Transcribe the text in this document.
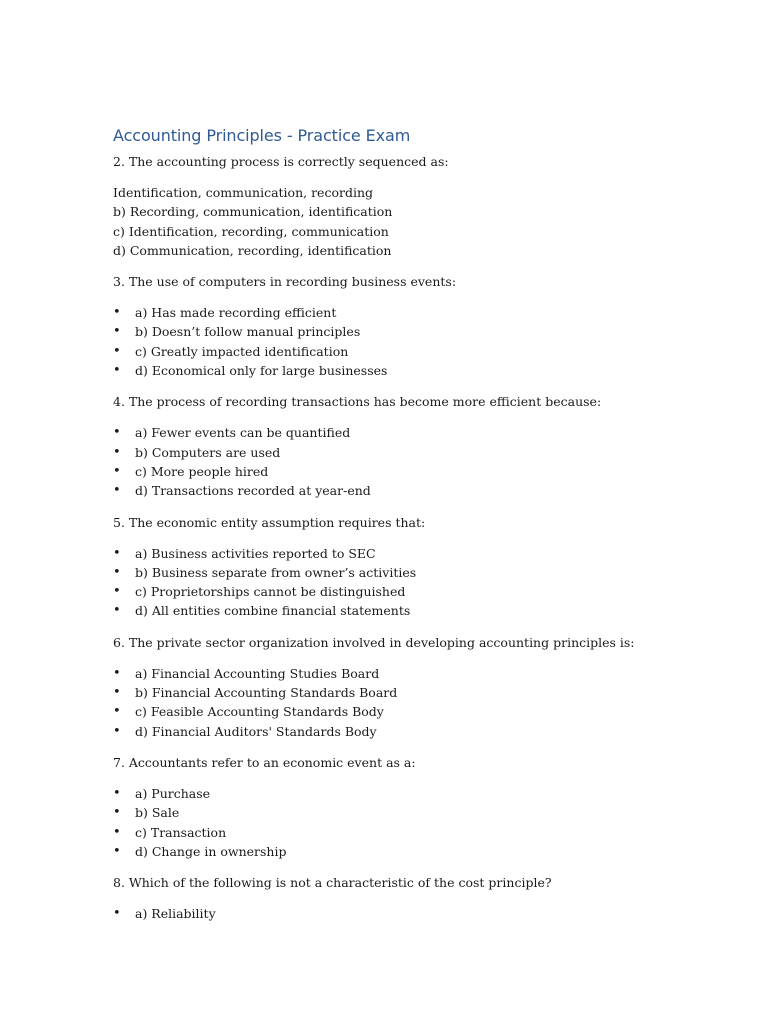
Accounting Principles - Practice Exam

2. The accounting process is correctly sequenced as:

Identification, communication, recording
b) Recording, communication, identification
c) Identification, recording, communication
d) Communication, recording, identification

3. The use of computers in recording business events:

• a) Has made recording efficient
• b) Doesn’t follow manual principles
• c) Greatly impacted identification
• d) Economical only for large businesses

4. The process of recording transactions has become more efficient because:

• a) Fewer events can be quantified
• b) Computers are used
• c) More people hired
• d) Transactions recorded at year-end

5. The economic entity assumption requires that:

• a) Business activities reported to SEC
• b) Business separate from owner’s activities
• c) Proprietorships cannot be distinguished
• d) All entities combine financial statements

6. The private sector organization involved in developing accounting principles is:

• a) Financial Accounting Studies Board
• b) Financial Accounting Standards Board
• c) Feasible Accounting Standards Body
• d) Financial Auditors' Standards Body

7. Accountants refer to an economic event as a:

• a) Purchase
• b) Sale
• c) Transaction
• d) Change in ownership

8. Which of the following is not a characteristic of the cost principle?

• a) Reliability
